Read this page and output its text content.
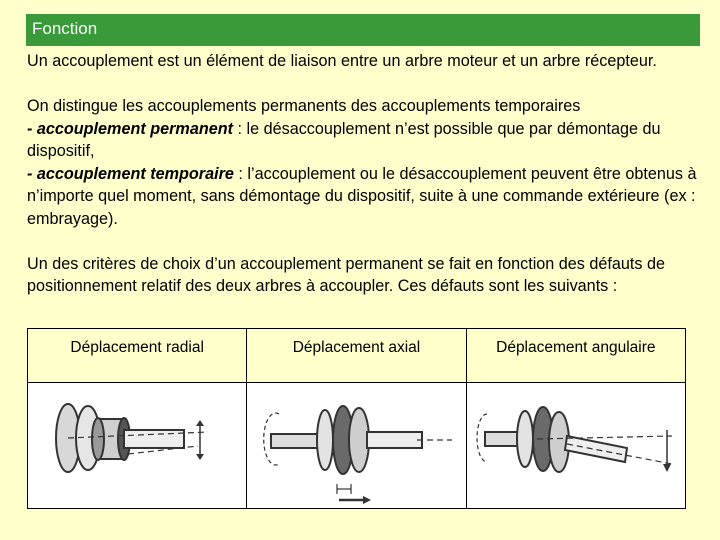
Fonction

Un accouplement est un élément de liaison entre un arbre moteur et un arbre récepteur.

On distingue les accouplements permanents des accouplements temporaires

- accouplement permanent : le désaccouplement n’est possible que par démontage du dispositif,

- accouplement temporaire : l’accouplement ou le désaccouplement peuvent être obtenus à n’importe quel moment, sans démontage du dispositif, suite à une commande extérieure (ex : embrayage).

Un des critères de choix d’un accouplement permanent se fait en fonction des défauts de positionnement relatif des deux arbres à accoupler. Ces défauts sont les suivants :

Déplacement radial	Déplacement axial	Déplacement angulaire
